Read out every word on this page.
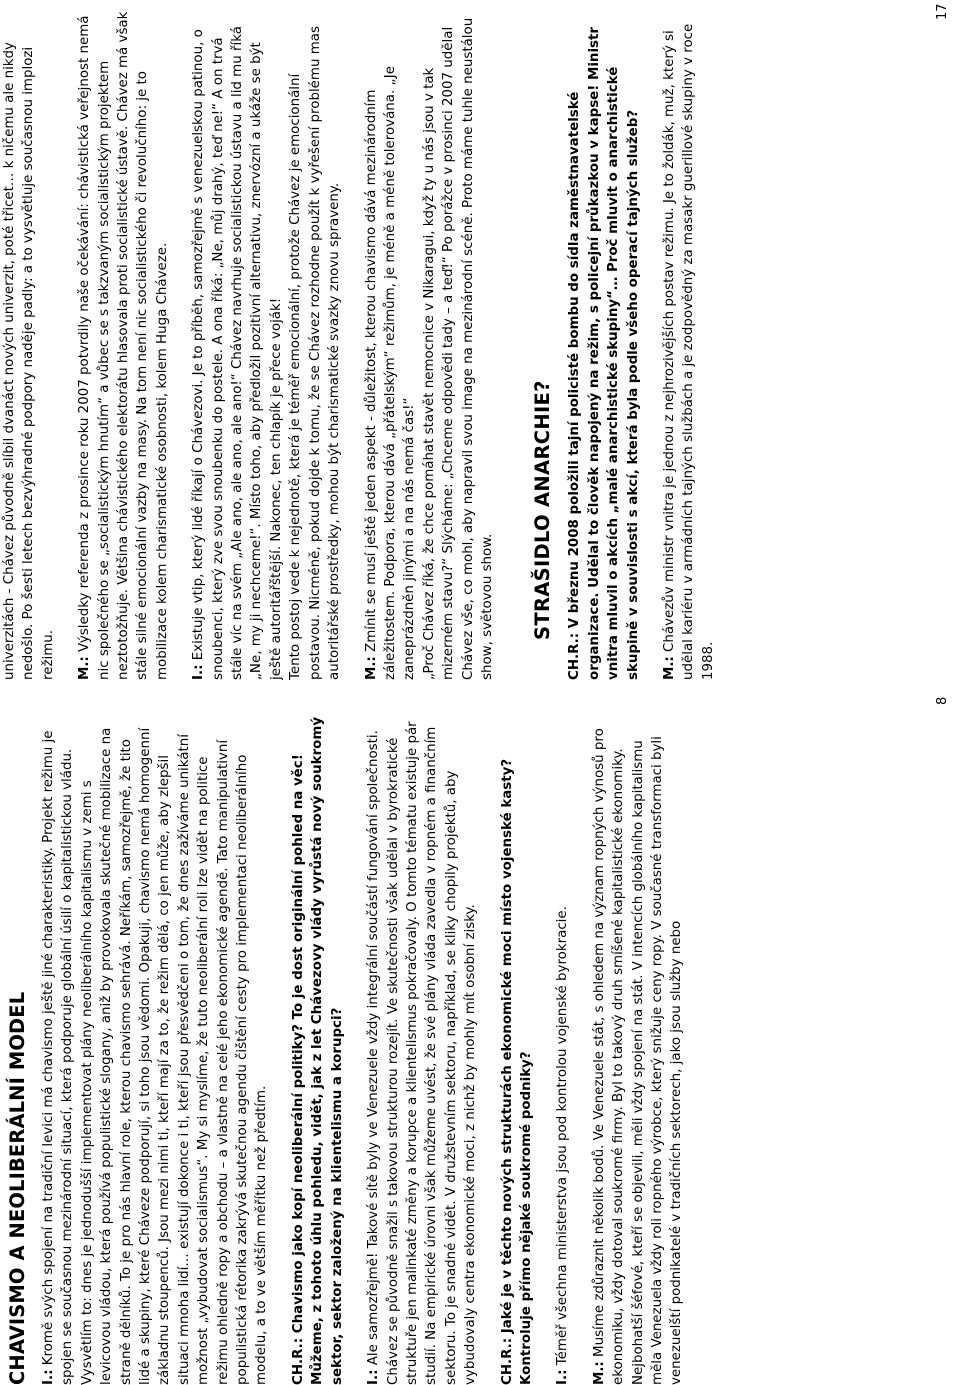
CHAVISMO A NEOLIBERÁLNÍ MODEL I.: Kromě svých spojení na tradiční levici má chavismo ještě jiné charakteristiky. Projekt režimu je spojen se současnou mezinárodní situací, která podporuje globální úsilí o kapitalistickou vládu. Vysvětlím to: dnes je jednodušší implementovat plány neoliberálního kapitalismu v zemi s levicovou vládou, která používá populistické slogany, aniž by provokovala skutečné mobilizace na straně dělníků. To je pro nás hlavní role, kterou chavismo sehrává. Neříkám, samozřejmě, že tito lidé a skupiny, které Cháveze podporují, si toho jsou vědomi. Opakuji, chavismo nemá homogenní základnu stoupenců. Jsou mezi nimi ti, kteří mají za to, že režim dělá, co jen může, aby zlepšil situaci mnoha lidí… existují dokonce i ti, kteří jsou přesvědčeni o tom, že dnes zažíváme unikátní možnost „vybudovat socialismus“. My si myslíme, že tuto neoliberální roli lze vidět na politice režimu ohledně ropy a obchodu – a vlastně na celé jeho ekonomické agendě. Tato manipulativní populistická rétorika zakrývá skutečnou agendu čištění cesty pro implementaci neoliberálního modelu, a to ve větším měřítku než předtím. CH.R.: Chavismo jako kopí neoliberální politiky? To je dost originální pohled na věc! Můžeme, z tohoto úhlu pohledu, vidět, jak z let Chávezovy vlády vyrůstá nový soukromý sektor, sektor založený na klientelismu a korupci? I.: Ale samozřejmě! Takové sítě byly ve Venezuele vždy integrální součástí fungování společnosti. Chávez se původně snažil s takovou strukturou rozejít. Ve skutečnosti však udělal v byrokratické struktuře jen malinkaté změny a korupce a klientelismus pokračovaly. O tomto tématu existuje pár studií. Na empirické úrovni však můžeme uvést, že své plány vláda zavedla v ropném a finančním sektoru. To je snadné vidět. V družstevním sektoru, například, se kliky chopily projektů, aby vybudovaly centra ekonomické moci, z nichž by mohly mít osobní zisky. CH.R.: Jaké je v těchto nových strukturách ekonomické moci místo vojenské kasty? Kontroluje přímo nějaké soukromé podniky? I.: Téměř všechna ministerstva jsou pod kontrolou vojenské byrokracie.

M.: Musíme zdůraznit několik bodů. Ve Venezuele stát, s ohledem na význam ropných výnosů pro ekonomiku, vždy dotoval soukromé firmy. Byl to takový druh smíšené kapitalistické ekonomiky. Nejbohatší šéfové, kteří se objevili, měli vždy spojení na stát. V intencích globálního kapitalismu měla Venezuela vždy roli ropného výrobce, který snižuje ceny ropy. V současné transformaci byli venezuelští podnikatelé v tradičních sektorech, jako jsou služby nebo

8

univerzitách - Chávez původně slíbil dvanáct nových univerzit, poté třicet… k ničemu ale nikdy nedošlo. Po šesti letech bezvýhradné podpory naděje padly: a to vysvětluje současnou implozi režimu. M.: Výsledky referenda z prosince roku 2007 potvrdily naše očekávání: chávistická veřejnost nemá nic společného se „socialistickým hnutím“ a vůbec se s takzvaným socialistickým projektem neztotožňuje. Většina chávistického elektorátu hlasovala proti socialistické ústavě. Chávez má však stále silné emocionální vazby na masy. Na tom není nic socialistického či revolučního: je to mobilizace kolem charismatické osobnosti, kolem Huga Cháveze. I.: Existuje vtip, který lidé říkají o Chávezovi. Je to příběh, samozřejmě s venezuelskou patinou, o snoubenci, který zve svou snoubenku do postele. A ona říká: „Ne, můj drahý, teď ne!“ A on trvá stále víc na svém „Ale ano, ale ano, ale ano!“ Chávez navrhuje socialistickou ústavu a lid mu říká „Ne, my ji nechceme!“. Místo toho, aby předložil pozitivní alternativu, znervózní a ukáže se být ještě autoritářštější. Nakonec, ten chlapík je přece voják! Tento postoj vede k nejednotě, která je téměř emocionální, protože Chávez je emocionální postavou. Nicméně, pokud dojde k tomu, že se Chávez rozhodne použít k vyřešení problému mas autoritářské prostředky, mohou být charismatické svazky znovu spraveny. M.: Zmínit se musí ještě jeden aspekt - důležitost, kterou chavismo dává mezinárodním záležitostem. Podpora, kterou dává „přátelským“ režimům, je méně a méně tolerována. „Je zaneprázdněn jinými a na nás nemá čas!“ „Proč Chávez říká, že chce pomáhat stavět nemocnice v Nikaragui, když ty u nás jsou v tak mizerném stavu?“ Slýcháme: „Chceme odpovědi tady – a teď!“ Po porážce v prosinci 2007 udělal Chávez vše, co mohl, aby napravil svou image na mezinárodní scéně. Proto máme tuhle neustálou show, světovou show. STRAŠIDLO ANARCHIE?

CH.R.: V březnu 2008 položili tajní policisté bombu do sídla zaměstnavatelské organizace. Udělal to člověk napojený na režim, s policejní průkazkou v kapse! Ministr vnitra mluvil o akcích „malé anarchistické skupiny“… Proč mluvit o anarchistické skupině v souvislosti s akcí, která byla podle všeho operací tajných služeb? M.: Chávezův ministr vnitra je jednou z nejhrozivějších postav režimu. Je to žoldák, muž, který si udělal kariéru v armádních tajných službách a je zodpovědný za masakr guerillové skupiny v roce 1988.

17
